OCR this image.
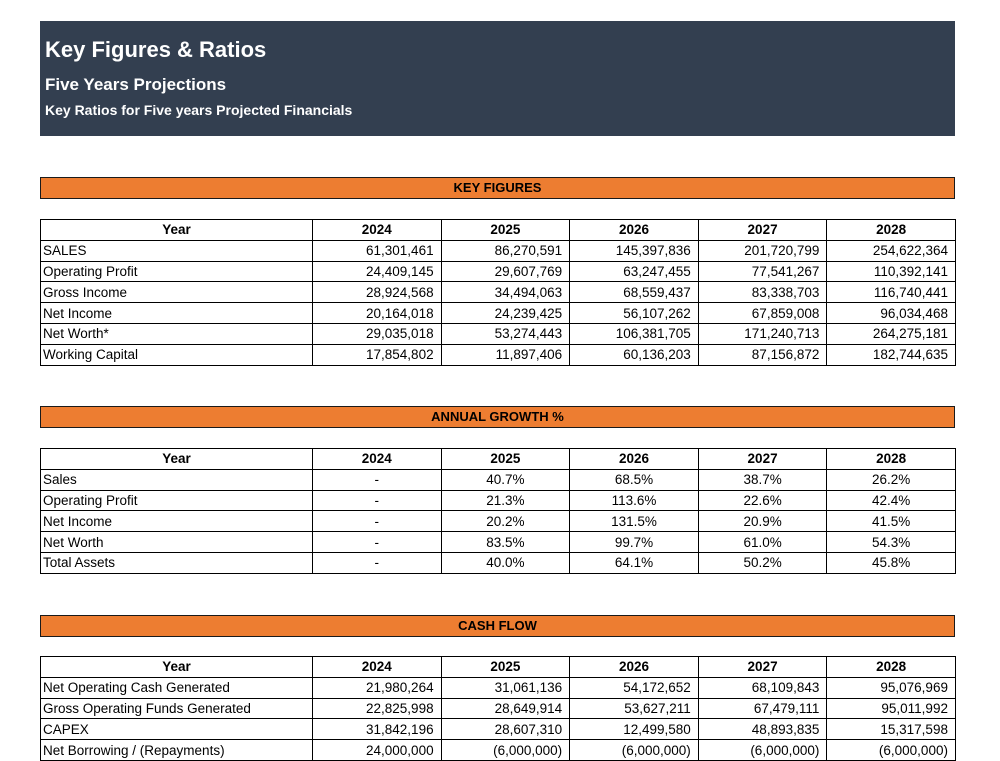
Key Figures & Ratios
Five Years Projections
Key Ratios for Five years Projected Financials
KEY FIGURES
Year	2024	2025	2026	2027	2028
SALES	61,301,461	86,270,591	145,397,836	201,720,799	254,622,364
Operating Profit	24,409,145	29,607,769	63,247,455	77,541,267	110,392,141
Gross Income	28,924,568	34,494,063	68,559,437	83,338,703	116,740,441
Net Income	20,164,018	24,239,425	56,107,262	67,859,008	96,034,468
Net Worth*	29,035,018	53,274,443	106,381,705	171,240,713	264,275,181
Working Capital	17,854,802	11,897,406	60,136,203	87,156,872	182,744,635
ANNUAL GROWTH %
Year	2024	2025	2026	2027	2028
Sales	-	40.7%	68.5%	38.7%	26.2%
Operating Profit	-	21.3%	113.6%	22.6%	42.4%
Net Income	-	20.2%	131.5%	20.9%	41.5%
Net Worth	-	83.5%	99.7%	61.0%	54.3%
Total Assets	-	40.0%	64.1%	50.2%	45.8%
CASH FLOW
Year	2024	2025	2026	2027	2028
Net Operating Cash Generated	21,980,264	31,061,136	54,172,652	68,109,843	95,076,969
Gross Operating Funds Generated	22,825,998	28,649,914	53,627,211	67,479,111	95,011,992
CAPEX	31,842,196	28,607,310	12,499,580	48,893,835	15,317,598
Net Borrowing / (Repayments)	24,000,000	(6,000,000)	(6,000,000)	(6,000,000)	(6,000,000)
